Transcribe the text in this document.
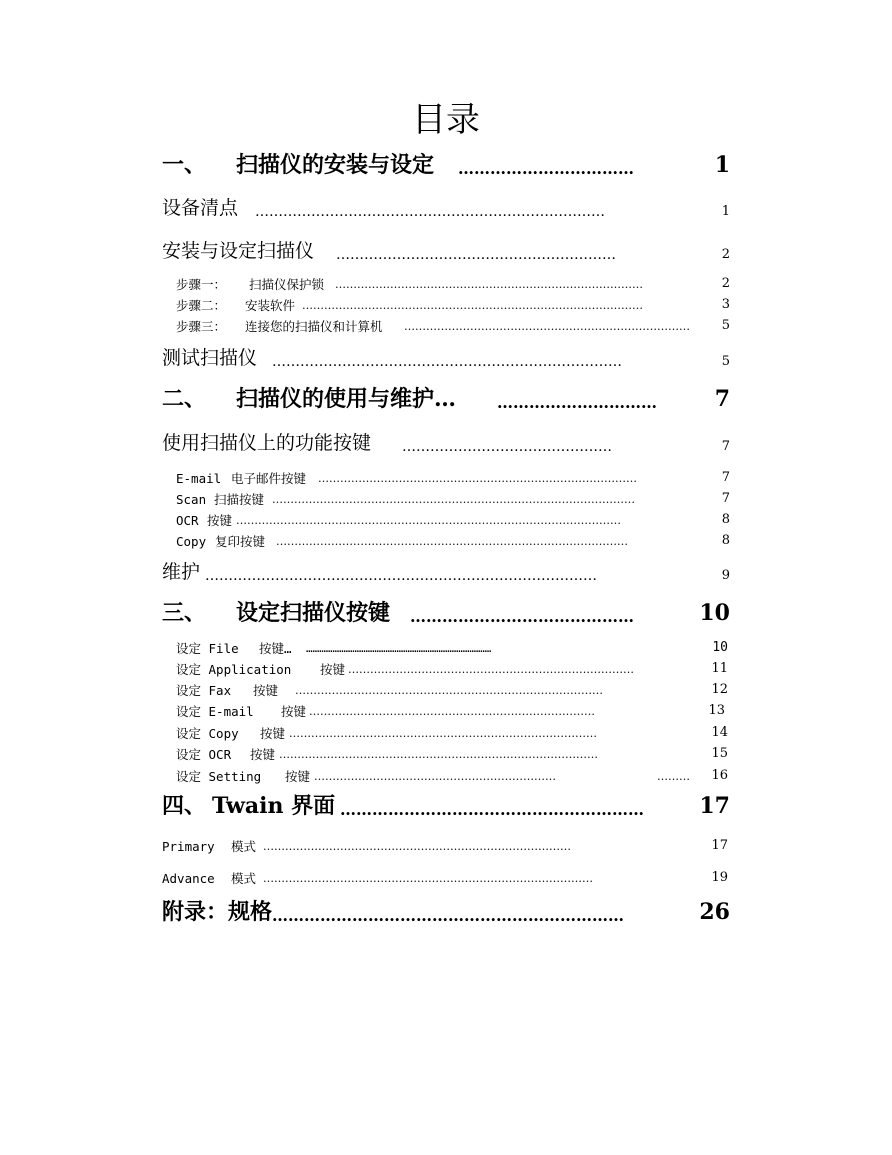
目录
一、 扫描仪的安装与设定 ……………………………	1
设备清点 …………………………………………………………………	1
安装与设定扫描仪 ……………………………………………………	2
步骤一： 扫描仪保护锁 …………………………………………………………………………	2
步骤二： 安装软件 …………………………………………………………………………………	3
步骤三： 连接您的扫描仪和计算机 …………………………………………………………………… 5
测试扫描仪 …………………………………………………………………	5
二、 扫描仪的使用与维护…	…………………………	7
使用扫描仪上的功能按键 ………………………………………	7
E-mail 电子邮件按键 ……………………………………………………………………………	7
Scan 扫描按键 ………………………………………………………………………………………	7
OCR 按键 ……………………………………………………………………………………………	8
Copy 复印按键 ……………………………………………………………………………………	8
维护 …………………………………………………………………………	9
三、 设定扫描仪按键 ……………………………………	10
设定 File 按键… …………………………………………………………………………	10
设定 Application 按键 ……………………………………………………………………	11
设定 Fax 按键 …………………………………………………………………………	12
设定 E-mail 按键 ……………………………………………………………………	13
设定 Copy 按键 …………………………………………………………………………	14
设定 OCR 按键 ……………………………………………………………………………	15
设定 Setting 按键 …………………………………………………………	……… 16
四、 Twain 界面 …………………………………………………	17
Primary 模式 …………………………………………………………………………	17
Advance 模式 ………………………………………………………………………………	19
附录：规格 …………………………………………………………	26
